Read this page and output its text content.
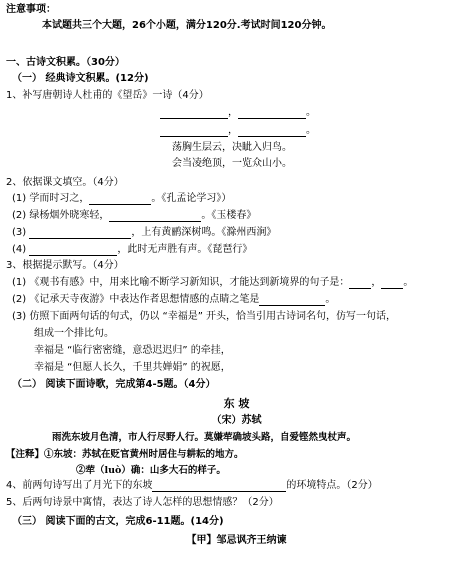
注意事项：
本试题共三个大题，26个小题，满分120分.考试时间120分钟。
一、古诗文积累。（30分）
（一） 经典诗文积累。(12分)
1、补写唐朝诗人杜甫的《望岳》一诗（4分）
，	。
，	。
荡胸生层云，决眦入归鸟。
会当凌绝顶，一览众山小。
2、依据课文填空。（4分）
(1) 学而时习之，	。《孔孟论学习》）
(2) 绿杨烟外晓寒轻，	。《玉楼春》
(3)	，上有黄鹂深树鸣。《滁州西涧》
(4)	，此时无声胜有声。《琵琶行》
3、根据提示默写。（4分）
(1) 《观书有感》中，用来比喻不断学习新知识，才能达到新境界的句子是： ， 。
(2) 《记承天寺夜游》中表达作者思想情感的点睛之笔是	。
(3) 仿照下面两句话的句式，仍以 “幸福是” 开头，恰当引用古诗词名句，仿写一句话，
组成一个排比句。
幸福是 “临行密密缝，意恐迟迟归” 的牵挂，
幸福是 “但愿人长久，千里共婵娟” 的祝愿，
（二） 阅读下面诗歌，完成第4-5题。（4分）
东 坡
（宋）苏轼
雨洗东坡月色清，市人行尽野人行。莫嫌荦确坡头路，自爱铿然曳杖声。
【注释】①东坡：苏轼在贬官黄州时居住与耕耘的地方。
②荦（luò）确：山多大石的样子。
4、前两句诗写出了月光下的东坡	的环境特点。（2分）
5、后两句诗景中寓情，表达了诗人怎样的思想情感？（2分）
（三） 阅读下面的古文，完成6-11题。(14分)
【甲】邹忌讽齐王纳谏
